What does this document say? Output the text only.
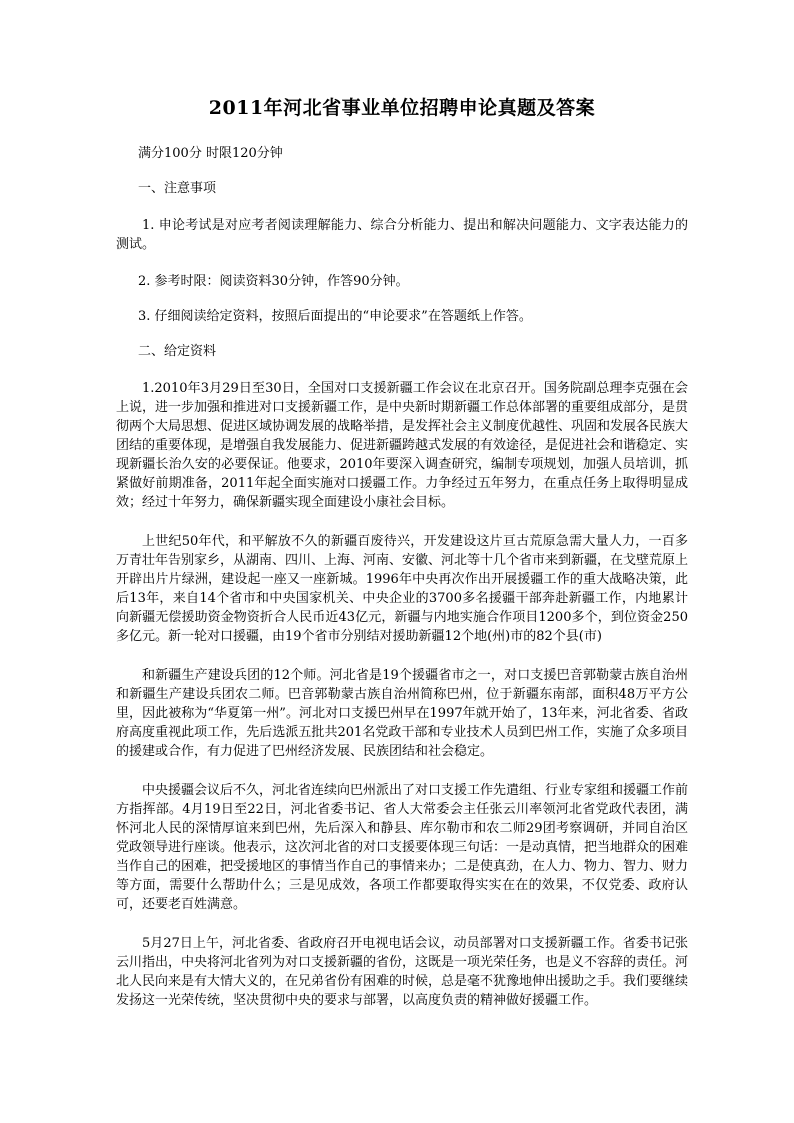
2011年河北省事业单位招聘申论真题及答案

满分100分 时限120分钟

一、注意事项

1. 申论考试是对应考者阅读理解能力、综合分析能力、提出和解决问题能力、文字表达能力的测试。

2. 参考时限：阅读资料30分钟，作答90分钟。

3. 仔细阅读给定资料，按照后面提出的“申论要求”在答题纸上作答。

二、给定资料

1.2010年3月29日至30日，全国对口支援新疆工作会议在北京召开。国务院副总理李克强在会上说，进一步加强和推进对口支援新疆工作，是中央新时期新疆工作总体部署的重要组成部分，是贯彻两个大局思想、促进区域协调发展的战略举措，是发挥社会主义制度优越性、巩固和发展各民族大团结的重要体现，是增强自我发展能力、促进新疆跨越式发展的有效途径，是促进社会和谐稳定、实现新疆长治久安的必要保证。他要求，2010年要深入调查研究，编制专项规划，加强人员培训，抓紧做好前期准备，2011年起全面实施对口援疆工作。力争经过五年努力，在重点任务上取得明显成效；经过十年努力，确保新疆实现全面建设小康社会目标。

上世纪50年代，和平解放不久的新疆百废待兴，开发建设这片亘古荒原急需大量人力，一百多万青壮年告别家乡，从湖南、四川、上海、河南、安徽、河北等十几个省市来到新疆，在戈壁荒原上开辟出片片绿洲，建设起一座又一座新城。1996年中央再次作出开展援疆工作的重大战略决策，此后13年，来自14个省市和中央国家机关、中央企业的3700多名援疆干部奔赴新疆工作，内地累计向新疆无偿援助资金物资折合人民币近43亿元，新疆与内地实施合作项目1200多个，到位资金250多亿元。新一轮对口援疆，由19个省市分别结对援助新疆12个地(州)市的82个县(市)

和新疆生产建设兵团的12个师。河北省是19个援疆省市之一，对口支援巴音郭勒蒙古族自治州和新疆生产建设兵团农二师。巴音郭勒蒙古族自治州简称巴州，位于新疆东南部，面积48万平方公里，因此被称为“华夏第一州”。河北对口支援巴州早在1997年就开始了，13年来，河北省委、省政府高度重视此项工作，先后选派五批共201名党政干部和专业技术人员到巴州工作，实施了众多项目的援建或合作，有力促进了巴州经济发展、民族团结和社会稳定。

中央援疆会议后不久，河北省连续向巴州派出了对口支援工作先遣组、行业专家组和援疆工作前方指挥部。4月19日至22日，河北省委书记、省人大常委会主任张云川率领河北省党政代表团，满怀河北人民的深情厚谊来到巴州，先后深入和静县、库尔勒市和农二师29团考察调研，并同自治区党政领导进行座谈。他表示，这次河北省的对口支援要体现三句话：一是动真情，把当地群众的困难当作自己的困难，把受援地区的事情当作自己的事情来办；二是使真劲，在人力、物力、智力、财力等方面，需要什么帮助什么；三是见成效，各项工作都要取得实实在在的效果，不仅党委、政府认可，还要老百姓满意。

5月27日上午，河北省委、省政府召开电视电话会议，动员部署对口支援新疆工作。省委书记张云川指出，中央将河北省列为对口支援新疆的省份，这既是一项光荣任务，也是义不容辞的责任。河北人民向来是有大情大义的，在兄弟省份有困难的时候，总是毫不犹豫地伸出援助之手。我们要继续发扬这一光荣传统，坚决贯彻中央的要求与部署，以高度负责的精神做好援疆工作。
